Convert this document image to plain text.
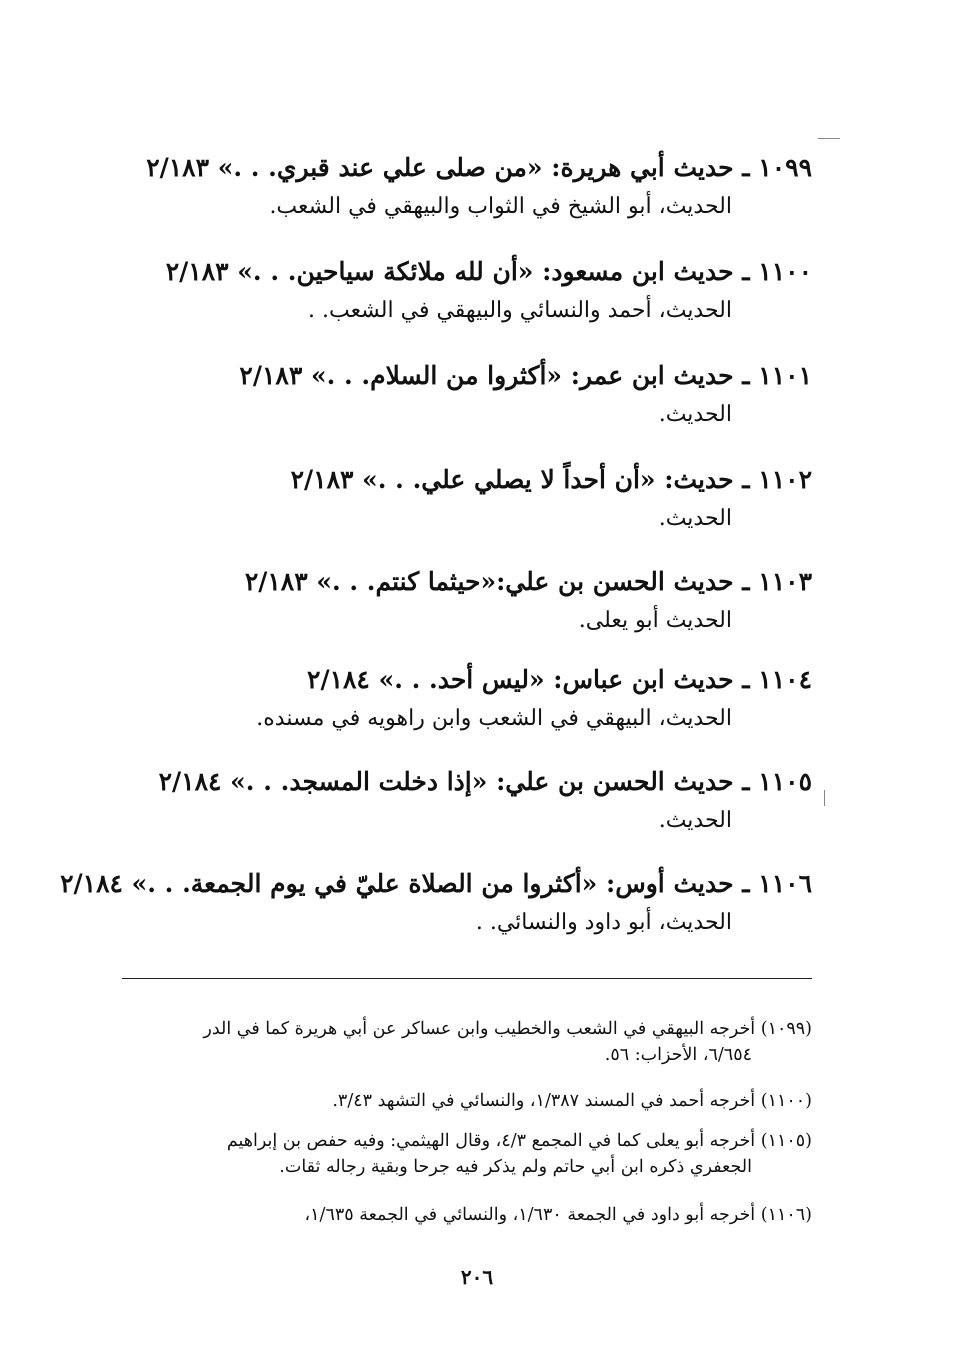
١٠٩٩ ـ حديث أبي هريرة: «من صلى علي عند قبري. . .» ٢/١٨٣
الحديث، أبو الشيخ في الثواب والبيهقي في الشعب.
١١٠٠ ـ حديث ابن مسعود: «أن لله ملائكة سياحين. . .» ٢/١٨٣
الحديث، أحمد والنسائي والبيهقي في الشعب. .
١١٠١ ـ حديث ابن عمر: «أكثروا من السلام. . .» ٢/١٨٣
الحديث.
١١٠٢ ـ حديث: «أن أحداً لا يصلي علي. . .» ٢/١٨٣
الحديث.
١١٠٣ ـ حديث الحسن بن علي:«حيثما كنتم. . .» ٢/١٨٣
الحديث أبو يعلى.
١١٠٤ ـ حديث ابن عباس: «ليس أحد. . .» ٢/١٨٤
الحديث، البيهقي في الشعب وابن راهويه في مسنده.
١١٠٥ ـ حديث الحسن بن علي: «إذا دخلت المسجد. . .» ٢/١٨٤
الحديث.
١١٠٦ ـ حديث أوس: «أكثروا من الصلاة عليّ في يوم الجمعة. . .» ٢/١٨٤
الحديث، أبو داود والنسائي. .
(١٠٩٩) أخرجه البيهقي في الشعب والخطيب وابن عساكر عن أبي هريرة كما في الدر
٦/٦٥٤، الأحزاب: ٥٦.
(١١٠٠) أخرجه أحمد في المسند ١/٣٨٧، والنسائي في التشهد ٣/٤٣.
(١١٠٥) أخرجه أبو يعلى كما في المجمع ٤/٣، وقال الهيثمي: وفيه حفص بن إبراهيم
الجعفري ذكره ابن أبي حاتم ولم يذكر فيه جرحا وبقية رجاله ثقات.
(١١٠٦) أخرجه أبو داود في الجمعة ١/٦٣٠، والنسائي في الجمعة ١/٦٣٥،
٢٠٦
